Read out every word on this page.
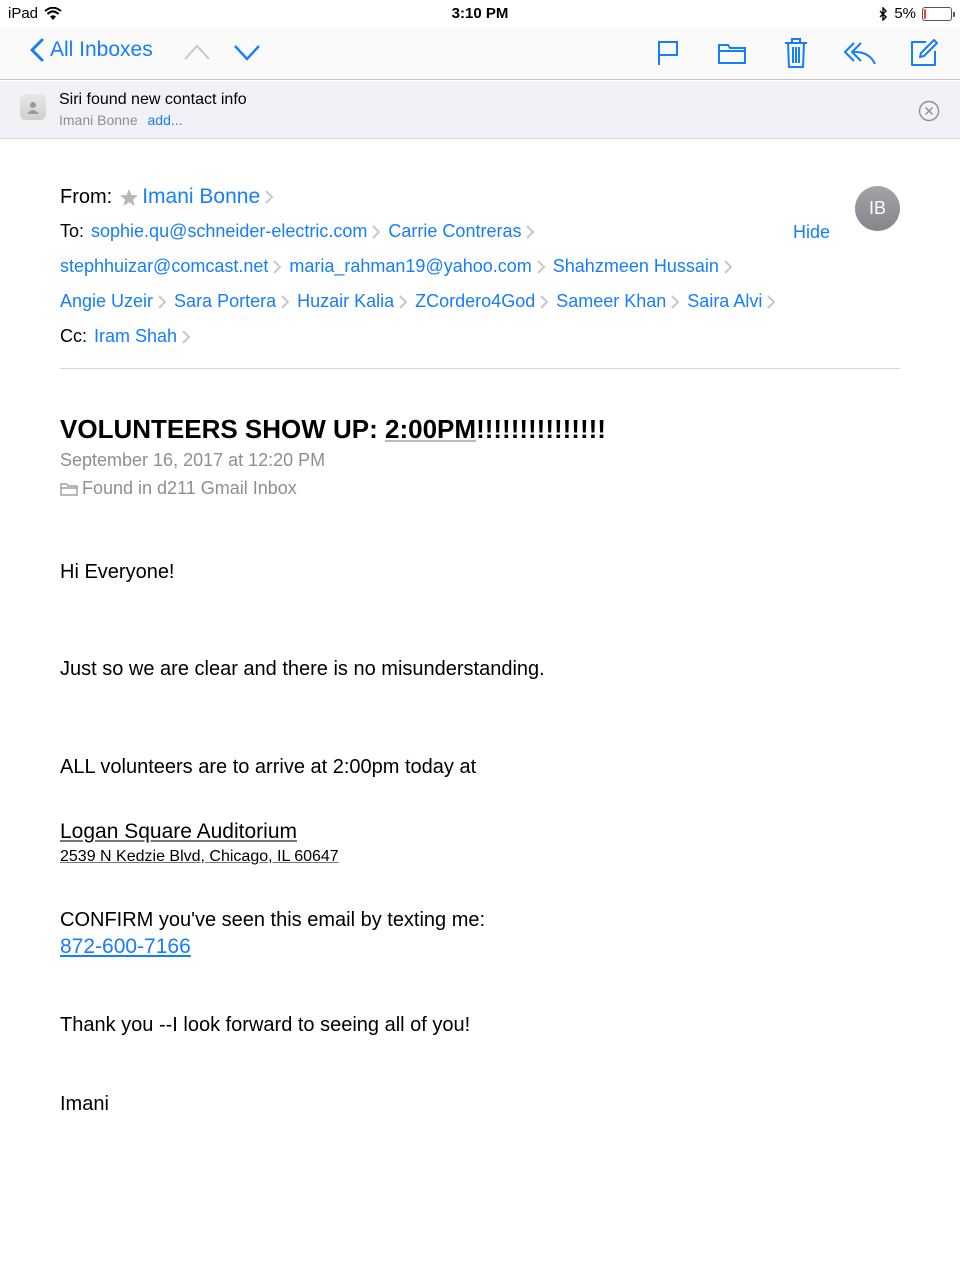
iPad	3:10 PM	5%
All Inboxes
Siri found new contact info
Imani Bonne add...
From: Imani Bonne	IB
Hide
To: sophie.qu@schneider-electric.com Carrie Contreras
stephhuizar@comcast.net maria_rahman19@yahoo.com Shahzmeen Hussain
Angie Uzeir Sara Portera Huzair Kalia ZCordero4God Sameer Khan Saira Alvi
Cc: Iram Shah
VOLUNTEERS SHOW UP: 2:00PM!!!!!!!!!!!!!!!
September 16, 2017 at 12:20 PM
Found in d211 Gmail Inbox
Hi Everyone!
Just so we are clear and there is no misunderstanding.
ALL volunteers are to arrive at 2:00pm today at
Logan Square Auditorium
2539 N Kedzie Blvd, Chicago, IL 60647
CONFIRM you've seen this email by texting me:
872-600-7166
Thank you --I look forward to seeing all of you!
Imani
